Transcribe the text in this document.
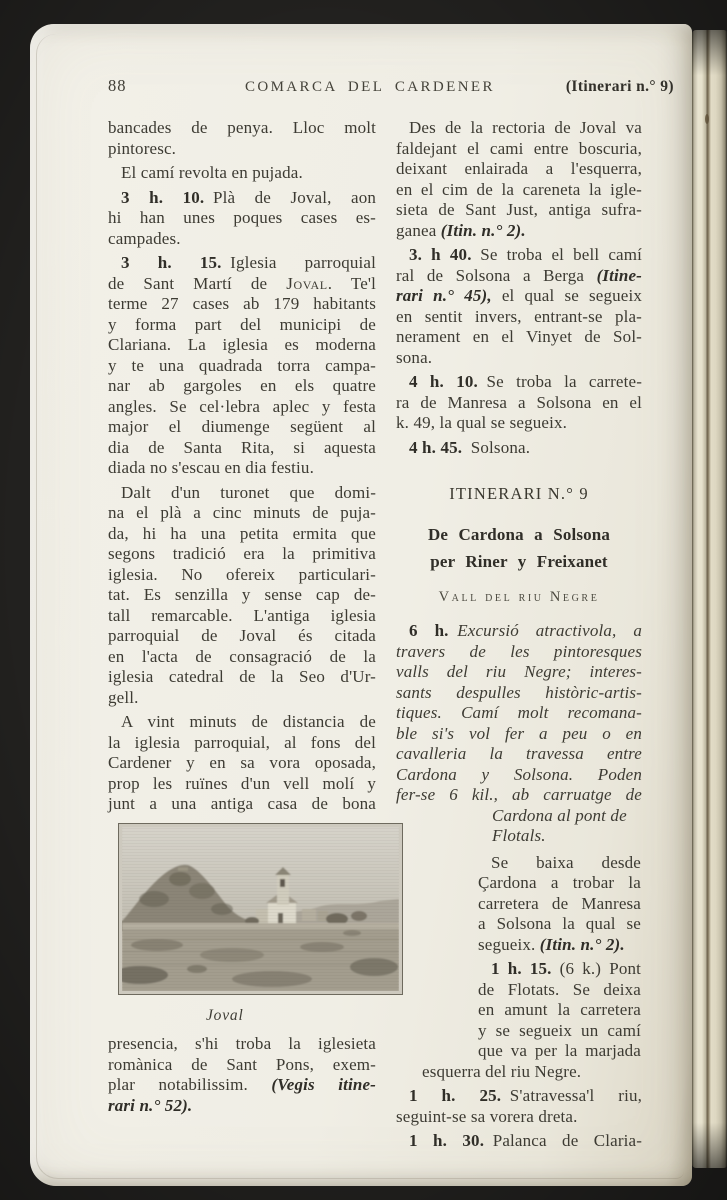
88	COMARCA DEL CARDENER	(Itinerari n.° 9)
bancades de penya. Lloc molt
pintoresc.
El camí revolta en pujada.
3 h. 10. Plà de Joval, aon
hi han unes poques cases es-
campades.
3 h. 15. Iglesia parroquial
de Sant Martí de Joval. Te'l
terme 27 cases ab 179 habitants
y forma part del municipi de
Clariana. La iglesia es moderna
y te una quadrada torra campa-
nar ab gargoles en els quatre
angles. Se cel·lebra aplec y festa
major el diumenge següent al
dia de Santa Rita, si aquesta
diada no s'escau en dia festiu.
Dalt d'un turonet que domi-
na el plà a cinc minuts de puja-
da, hi ha una petita ermita que
segons tradició era la primitiva
iglesia. No ofereix particulari-
tat. Es senzilla y sense cap de-
tall remarcable. L'antiga iglesia
parroquial de Joval és citada
en l'acta de consagració de la
iglesia catedral de la Seo d'Ur-
gell.
A vint minuts de distancia de
la iglesia parroquial, al fons del
Cardener y en sa vora oposada,
prop les ruïnes d'un vell molí y
junt a una antiga casa de bona
Joval
presencia, s'hi troba la iglesieta
romànica de Sant Pons, exem-
plar notabilissim. (Vegis itine-
rari n.° 52).
Des de la rectoria de Joval va
faldejant el cami entre boscuria,
deixant enlairada a l'esquerra,
en el cim de la careneta la igle-
sieta de Sant Just, antiga sufra-
ganea (Itin. n.° 2).
3. h 40. Se troba el bell camí
ral de Solsona a Berga (Itine-
rari n.° 45), el qual se segueix
en sentit invers, entrant-se pla-
nerament en el Vinyet de Sol-
sona.
4 h. 10. Se troba la carrete-
ra de Manresa a Solsona en el
k. 49, la qual se segueix.
4 h. 45. Solsona.
ITINERARI N.° 9
De Cardona a Solsona
per Riner y Freixanet
Vall del riu Negre
6 h. Excursió atractivola, a
travers de les pintoresques
valls del riu Negre; interes-
sants despulles històric-artis-
tiques. Camí molt recomana-
ble si's vol fer a peu o en
cavalleria la travessa entre
Cardona y Solsona. Poden
fer-se 6 kil., ab carruatge de
Cardona al pont de
Flotals.
Se baixa desde
Çardona a trobar la
carretera de Manresa
a Solsona la qual se
segueix. (Itin. n.° 2).
1 h. 15. (6 k.) Pont
de Flotats. Se deixa
en amunt la carretera
y se segueix un camí
que va per la marjada
esquerra del riu Negre.
1 h. 25. S'atravessa'l riu,
seguint-se sa vorera dreta.
1 h. 30. Palanca de Claria-
